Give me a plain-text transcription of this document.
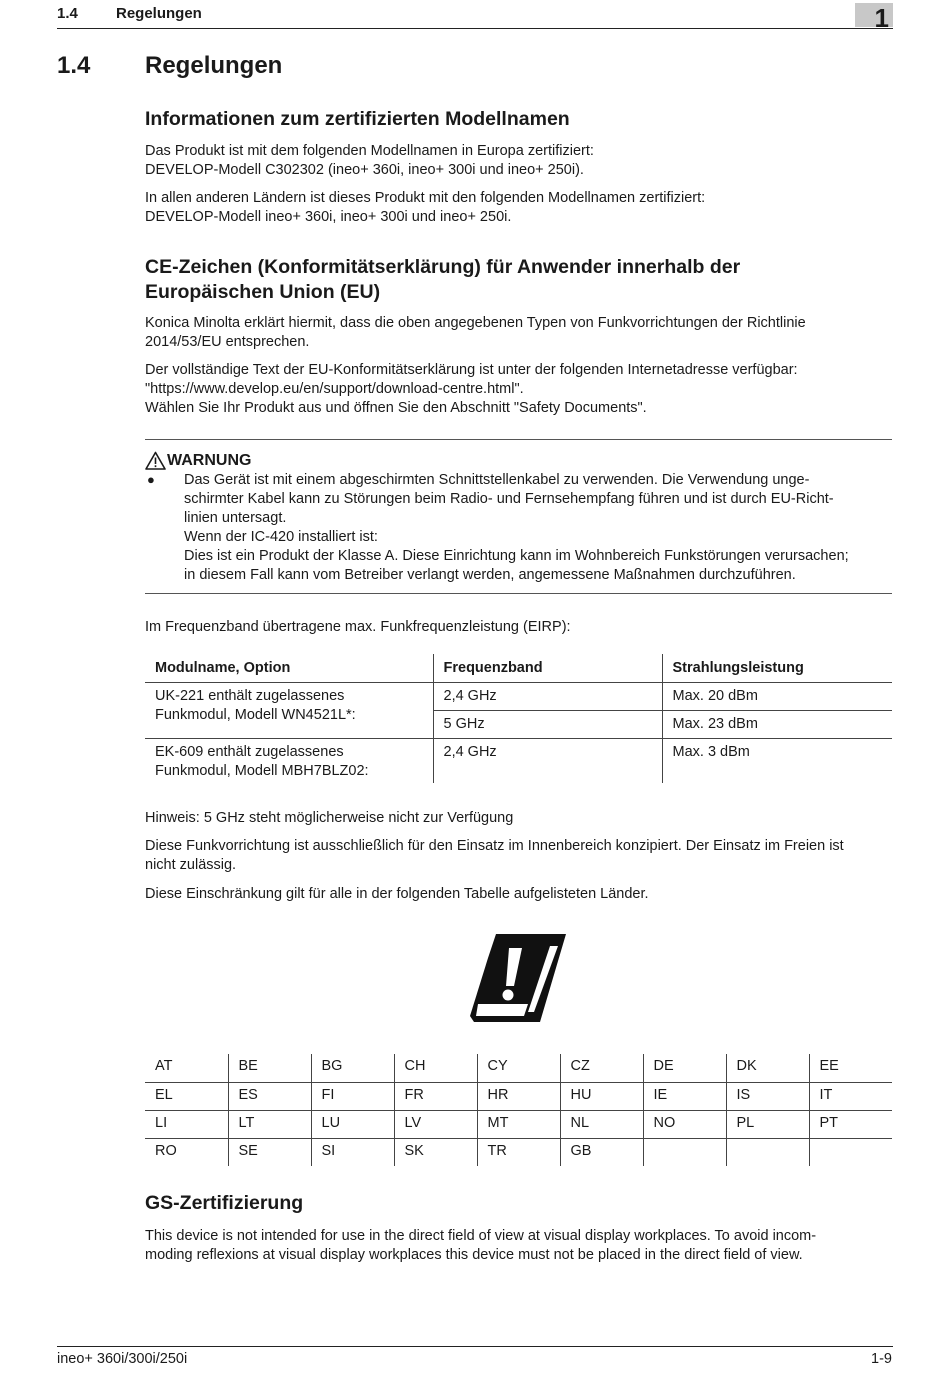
1.4	Regelungen	1
1.4 Regelungen
Informationen zum zertifizierten Modellnamen
Das Produkt ist mit dem folgenden Modellnamen in Europa zertifiziert:
DEVELOP-Modell C302302 (ineo+ 360i, ineo+ 300i und ineo+ 250i).
In allen anderen Ländern ist dieses Produkt mit den folgenden Modellnamen zertifiziert:
DEVELOP-Modell ineo+ 360i, ineo+ 300i und ineo+ 250i.
CE-Zeichen (Konformitätserklärung) für Anwender innerhalb der
Europäischen Union (EU)
Konica Minolta erklärt hiermit, dass die oben angegebenen Typen von Funkvorrichtungen der Richtlinie
2014/53/EU entsprechen.
Der vollständige Text der EU-Konformitätserklärung ist unter der folgenden Internetadresse verfügbar:
"https://www.develop.eu/en/support/download-centre.html".
Wählen Sie Ihr Produkt aus und öffnen Sie den Abschnitt "Safety Documents".
WARNUNG
● Das Gerät ist mit einem abgeschirmten Schnittstellenkabel zu verwenden. Die Verwendung unge-
schirmter Kabel kann zu Störungen beim Radio- und Fernsehempfang führen und ist durch EU-Richt-
linien untersagt.
Wenn der IC-420 installiert ist:
Dies ist ein Produkt der Klasse A. Diese Einrichtung kann im Wohnbereich Funkstörungen verursachen;
in diesem Fall kann vom Betreiber verlangt werden, angemessene Maßnahmen durchzuführen.
Im Frequenzband übertragene max. Funkfrequenzleistung (EIRP):
Modulname, Option	Frequenzband	Strahlungsleistung
UK-221 enthält zugelassenes
Funkmodul, Modell WN4521L*:	2,4 GHz	Max. 20 dBm
	5 GHz	Max. 23 dBm
EK-609 enthält zugelassenes
Funkmodul, Modell MBH7BLZ02:	2,4 GHz	Max. 3 dBm
Hinweis: 5 GHz steht möglicherweise nicht zur Verfügung
Diese Funkvorrichtung ist ausschließlich für den Einsatz im Innenbereich konzipiert. Der Einsatz im Freien ist
nicht zulässig.
Diese Einschränkung gilt für alle in der folgenden Tabelle aufgelisteten Länder.
AT	BE	BG	CH	CY	CZ	DE	DK	EE
EL	ES	FI	FR	HR	HU	IE	IS	IT
LI	LT	LU	LV	MT	NL	NO	PL	PT
RO	SE	SI	SK	TR	GB			
GS-Zertifizierung
This device is not intended for use in the direct field of view at visual display workplaces. To avoid incom-
moding reflexions at visual display workplaces this device must not be placed in the direct field of view.
ineo+ 360i/300i/250i	1-9
